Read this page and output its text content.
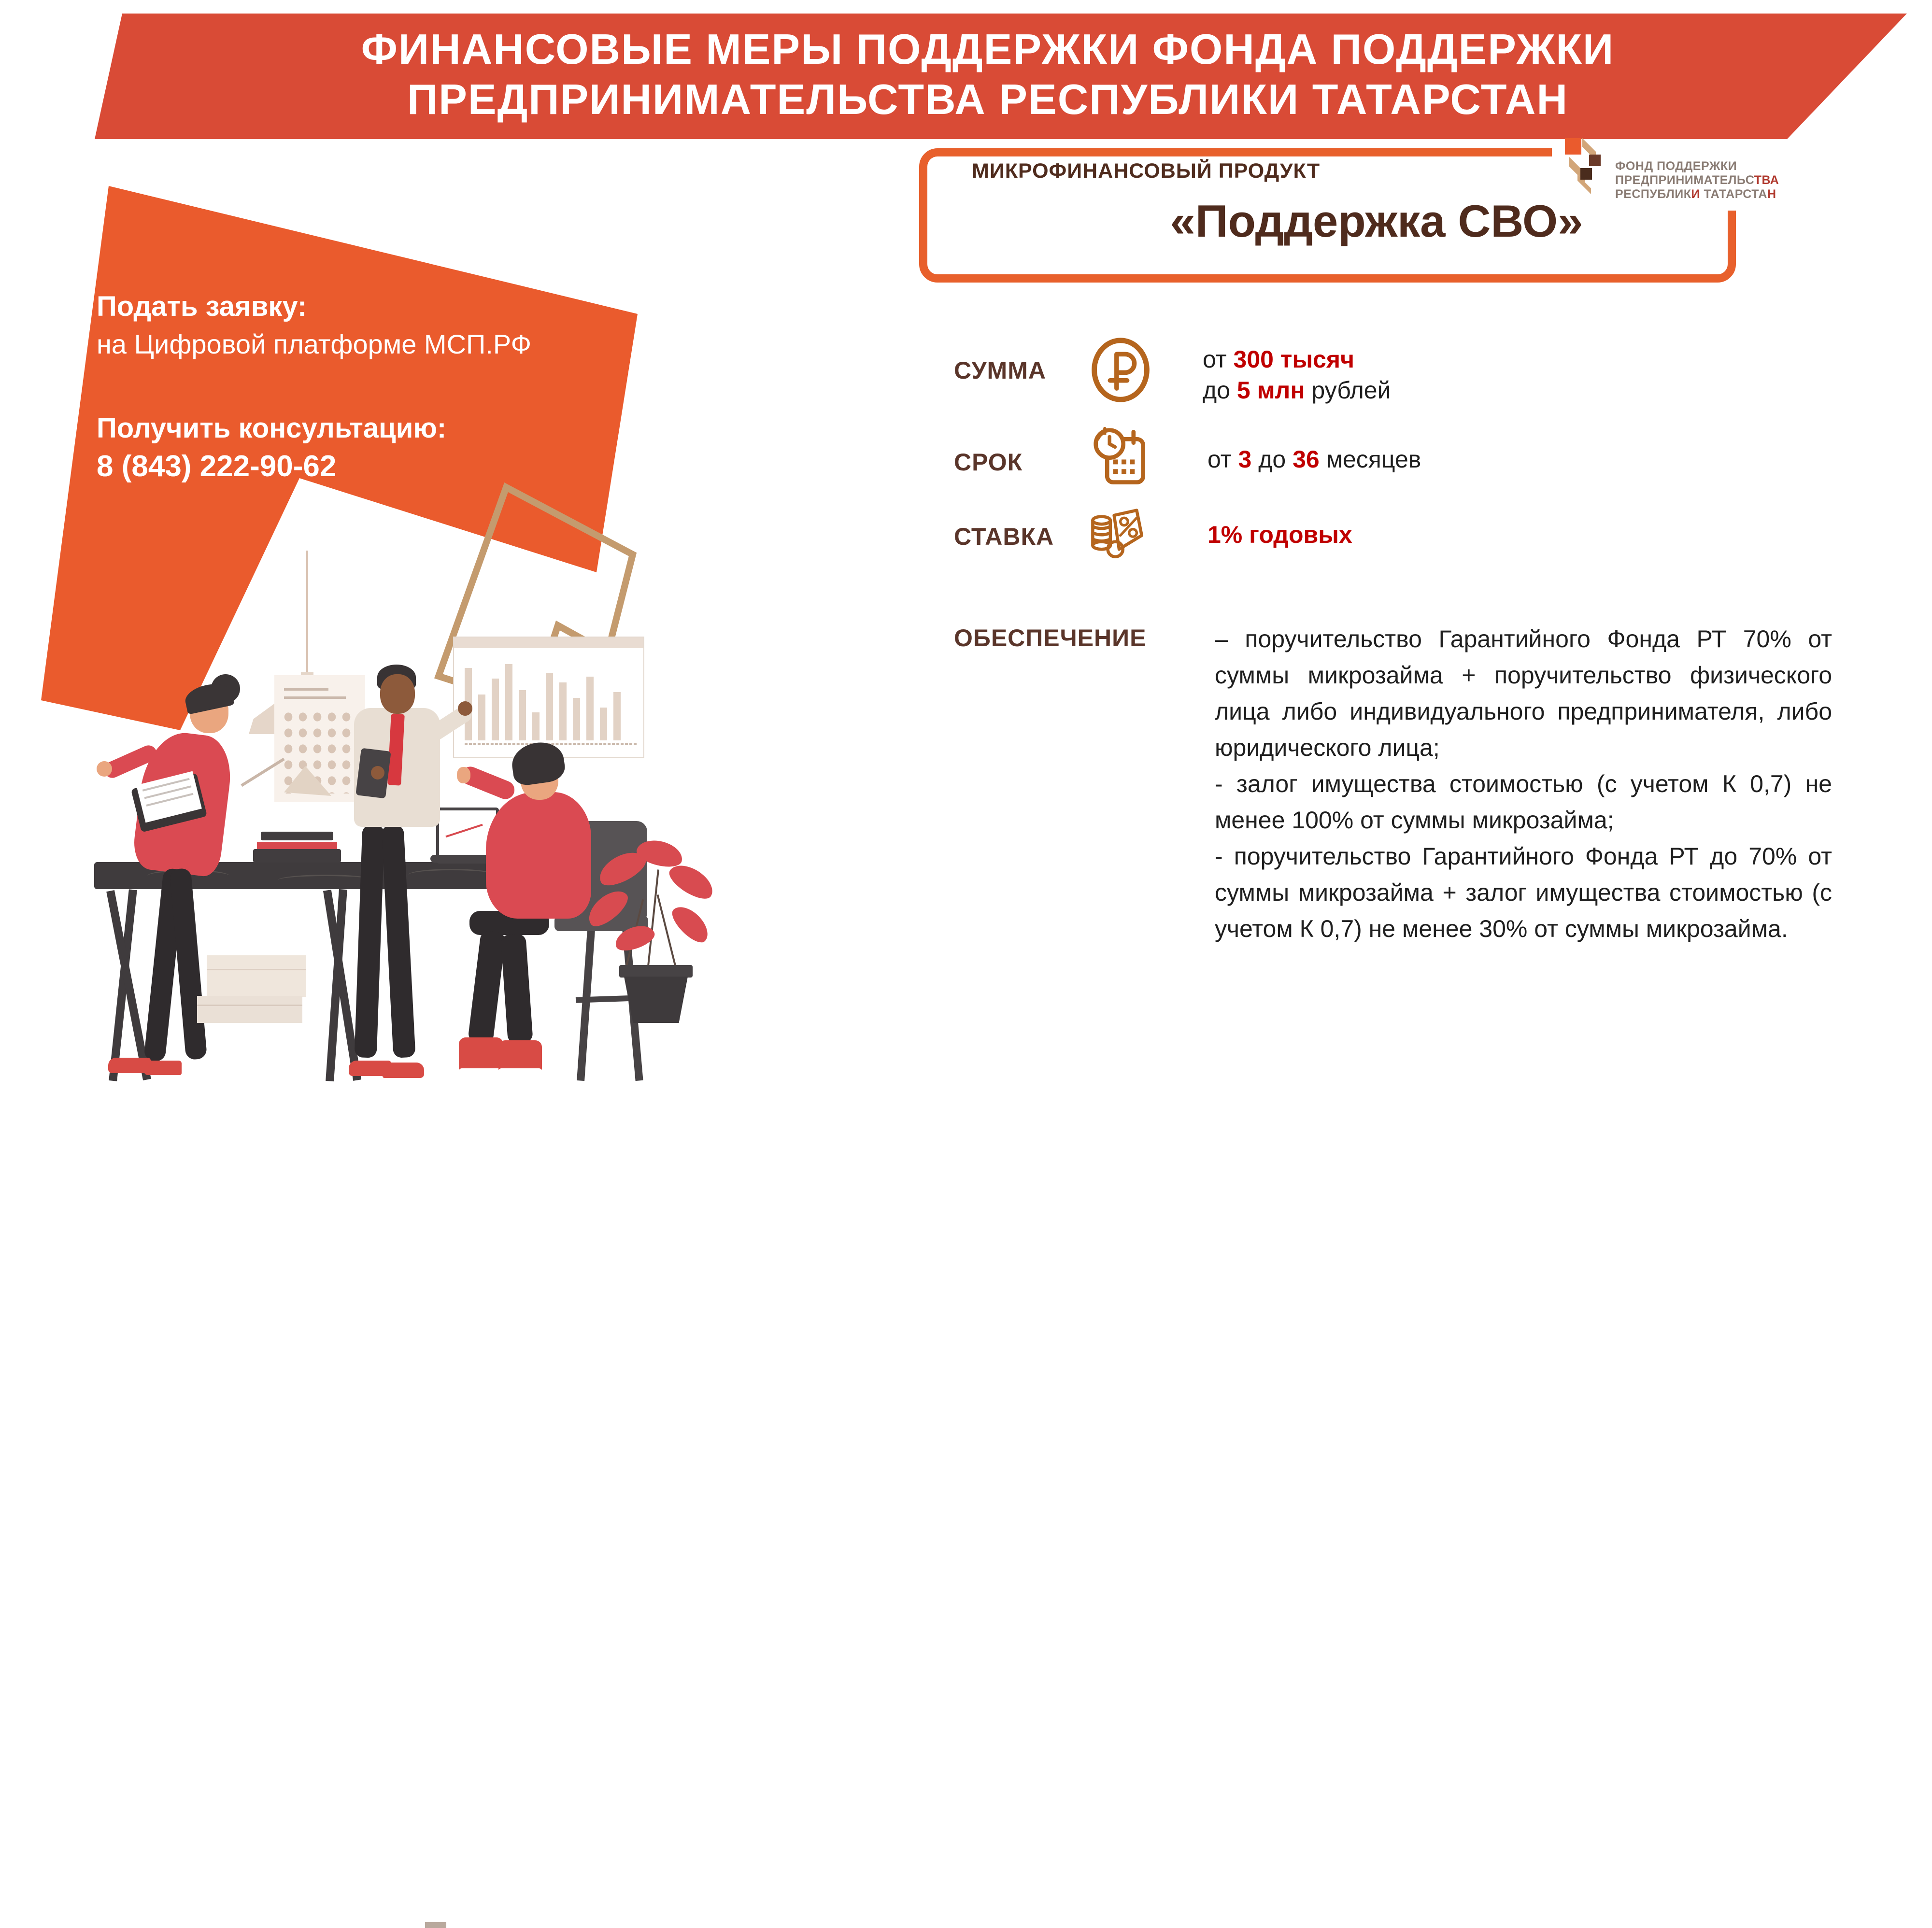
ФИНАНСОВЫЕ МЕРЫ ПОДДЕРЖКИ ФОНДА ПОДДЕРЖКИ ПРЕДПРИНИМАТЕЛЬСТВА РЕСПУБЛИКИ ТАТАРСТАН
Подать заявку:
на Цифровой платформе МСП.РФ
Получить консультацию:
8 (843) 222-90-62
МИКРОФИНАНСОВЫЙ ПРОДУКТ
«Поддержка СВО»
ФОНД ПОДДЕРЖКИ
ПРЕДПРИНИМАТЕЛЬСТВА
РЕСПУБЛИКИ ТАТАРСТАН
СУММА	от 300 тысяч
до 5 млн рублей
СРОК	от 3 до 36 месяцев
СТАВКА	1% годовых
ОБЕСПЕЧЕНИЕ	– поручительство Гарантийного Фонда РТ 70% от суммы микрозайма + поручительство физического лица либо индивидуального предпринимателя, либо юридического лица;
- залог имущества стоимостью (с учетом К 0,7) не менее 100% от суммы микрозайма;
- поручительство Гарантийного Фонда РТ до 70% от суммы микрозайма + залог имущества стоимостью (с учетом К 0,7) не менее 30% от суммы микрозайма.
